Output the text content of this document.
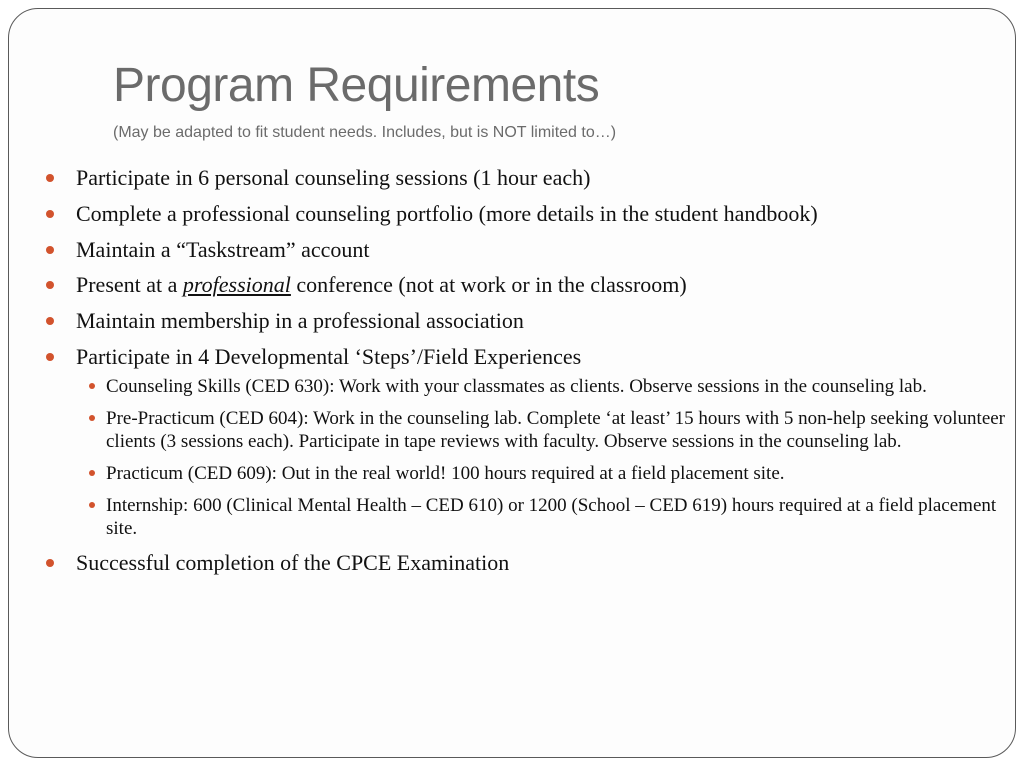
Program Requirements
(May be adapted to fit student needs. Includes, but is NOT limited to…)
Participate in 6 personal counseling sessions (1 hour each)
Complete a professional counseling portfolio (more details in the student handbook)
Maintain a “Taskstream” account
Present at a professional conference (not at work or in the classroom)
Maintain membership in a professional association
Participate in 4 Developmental ‘Steps’/Field Experiences
Counseling Skills (CED 630): Work with your classmates as clients. Observe sessions in the counseling lab.
Pre-Practicum (CED 604): Work in the counseling lab. Complete ‘at least’ 15 hours with 5 non-help seeking volunteer clients (3 sessions each). Participate in tape reviews with faculty. Observe sessions in the counseling lab.
Practicum (CED 609): Out in the real world! 100 hours required at a field placement site.
Internship: 600 (Clinical Mental Health – CED 610) or 1200 (School – CED 619) hours required at a field placement site.
Successful completion of the CPCE Examination
